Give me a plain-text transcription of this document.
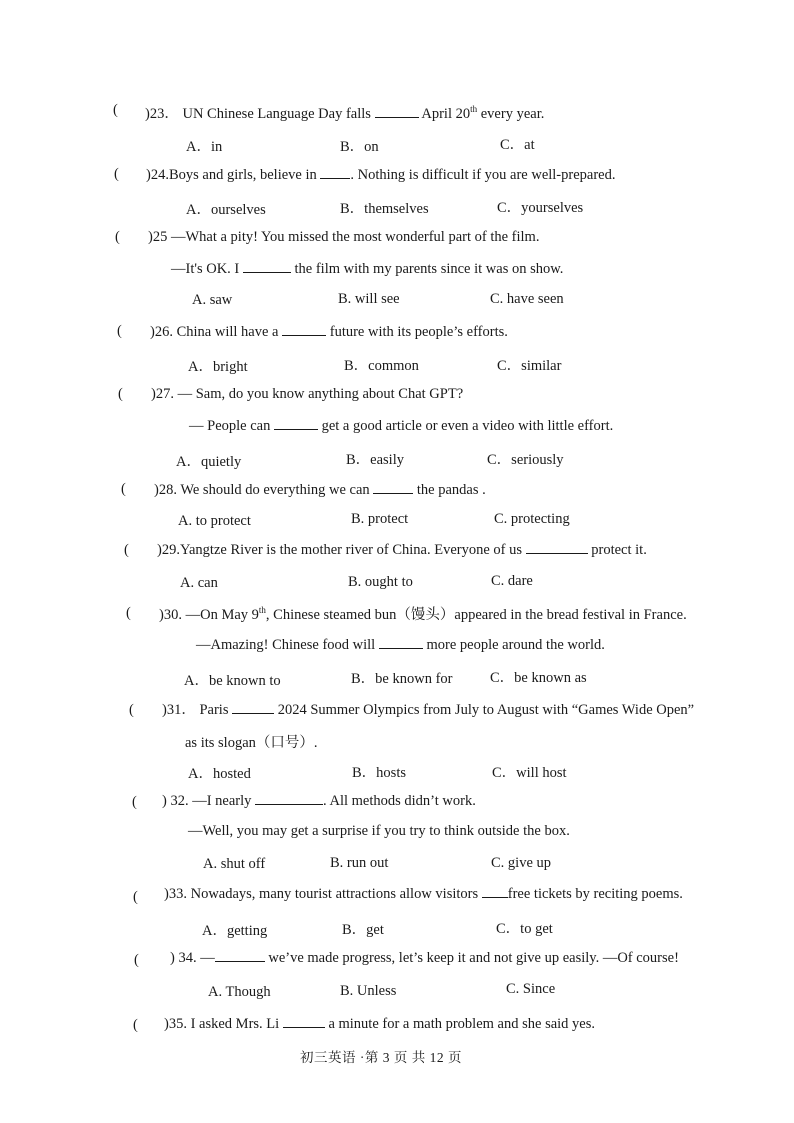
( )23． UN Chinese Language Day falls	April 20th every year.
A．in	B．on	C．at
( )24.Boys and girls, believe in . Nothing is difficult if you are well-prepared.
A．ourselves	B．themselves	C．yourselves
( )25 —What a pity! You missed the most wonderful part of the film.
—It's OK. I	the film with my parents since it was on show.
A. saw	B. will see	C. have seen
( )26. China will have a	future with its people’s efforts.
A．bright	B．common	C．similar
( )27. — Sam, do you know anything about Chat GPT?
— People can	get a good article or even a video with little effort.
A．quietly	B．easily	C．seriously
( )28. We should do everything we can	the pandas .
A. to protect	B. protect	C. protecting
( )29.Yangtze River is the mother river of China. Everyone of us	protect it.
A. can	B. ought to	C. dare
( )30. —On May 9th, Chinese steamed bun（馒头）appeared in the bread festival in France.
—Amazing! Chinese food will	more people around the world.
A．be known to	B．be known for	C．be known as
( )31． Paris	2024 Summer Olympics from July to August with “Games Wide Open”
as its slogan（口号）.
A．hosted	B．hosts	C．will host
( ) 32. —I nearly	. All methods didn’t work.
—Well, you may get a surprise if you try to think outside the box.
A. shut off	B. run out	C. give up
( )33. Nowadays, many tourist attractions allow visitors free tickets by reciting poems.
A．getting	B．get	C．to get
( ) 34. —	we’ve made progress, let’s keep it and not give up easily. —Of course!
A. Though	B. Unless	C. Since
( )35. I asked Mrs. Li	a minute for a math problem and she said yes.
初三英语 ·第 3 页 共 12 页
